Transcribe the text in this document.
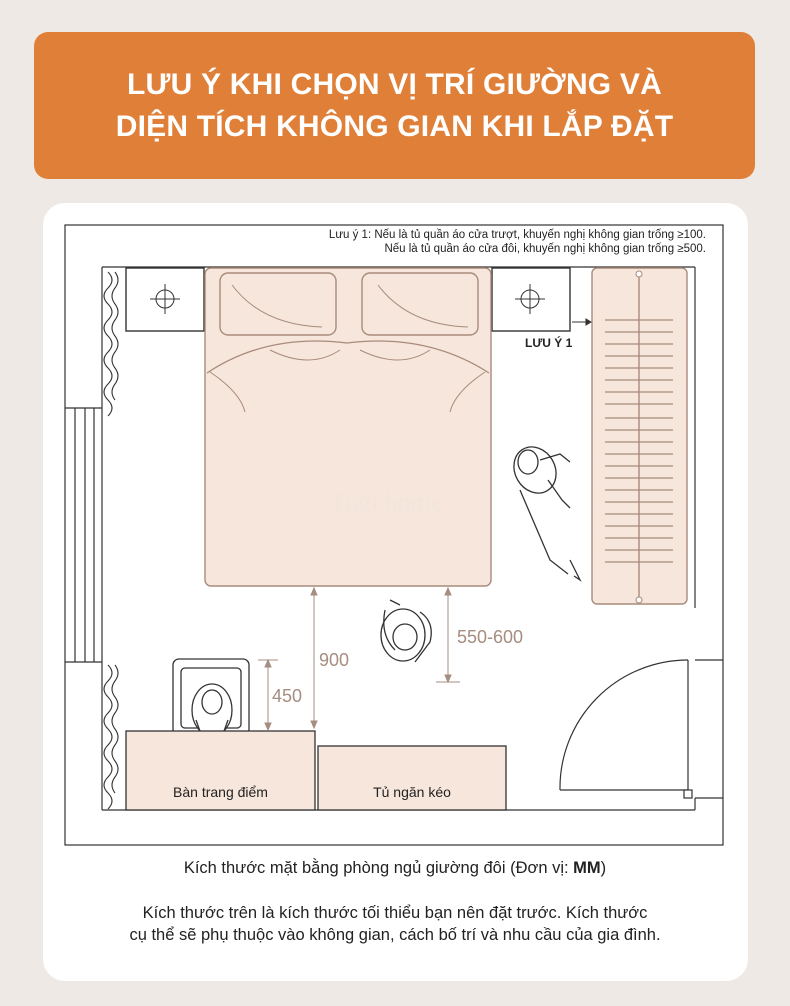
LƯU Ý KHI CHỌN VỊ TRÍ GIƯỜNG VÀ
DIỆN TÍCH KHÔNG GIAN KHI LẮP ĐẶT
Lưu ý 1: Nếu là tủ quần áo cửa trượt, khuyến nghị không gian trống ≥100.
Nếu là tủ quần áo cửa đôi, khuyến nghị không gian trống ≥500.
LƯU Ý 1
Tugi home
900
450
550-600
Bàn trang điểm	Tủ ngăn kéo
Kích thước mặt bằng phòng ngủ giường đôi (Đơn vị: MM)
Kích thước trên là kích thước tối thiểu bạn nên đặt trước. Kích thước
cụ thể sẽ phụ thuộc vào không gian, cách bố trí và nhu cầu của gia đình.
